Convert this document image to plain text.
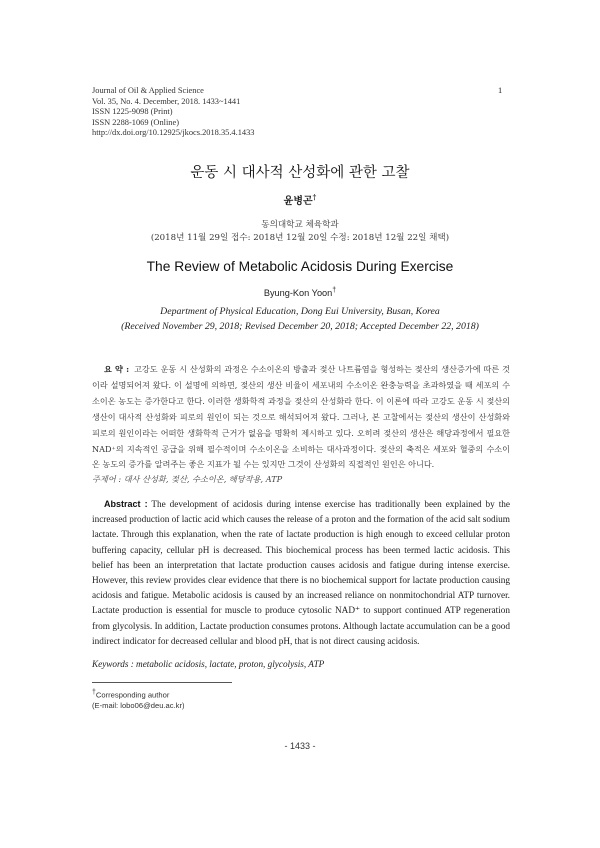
Journal of Oil & Applied Science
Vol. 35, No. 4. December, 2018. 1433~1441
ISSN 1225-9098 (Print)
ISSN 2288-1069 (Online)
http://dx.doi.org/10.12925/jkocs.2018.35.4.1433
1
운동 시 대사적 산성화에 관한 고찰
윤병곤†
동의대학교 체육학과
(2018년 11월 29일 접수: 2018년 12월 20일 수정: 2018년 12월 22일 채택)
The Review of Metabolic Acidosis During Exercise
Byung-Kon Yoon†
Department of Physical Education, Dong Eui University, Busan, Korea
(Received November 29, 2018; Revised December 20, 2018; Accepted December 22, 2018)
요 약 : 고강도 운동 시 산성화의 과정은 수소이온의 방출과 젖산 나트륨염을 형성하는 젖산의 생산증가에 따른 것이라 설명되어져 왔다. 이 설명에 의하면, 젖산의 생산 비율이 세포내의 수소이온 완충능력을 초과하였을 때 세포의 수소이온 농도는 증가한다고 한다. 이러한 생화학적 과정을 젖산의 산성화라 한다. 이 이론에 따라 고강도 운동 시 젖산의 생산이 대사적 산성화와 피로의 원인이 되는 것으로 해석되어져 왔다. 그러나, 본 고찰에서는 젖산의 생산이 산성화와 피로의 원인이라는 어떠한 생화학적 근거가 없음을 명확히 제시하고 있다. 오히려 젖산의 생산은 해당과정에서 필요한 NAD⁺의 지속적인 공급을 위해 필수적이며 수소이온을 소비하는 대사과정이다. 젖산의 축적은 세포와 혈중의 수소이온 농도의 증가를 알려주는 좋은 지표가 될 수는 있지만 그것이 산성화의 직접적인 원인은 아니다.
주제어 : 대사 산성화, 젖산, 수소이온, 해당작용, ATP
Abstract : The development of acidosis during intense exercise has traditionally been explained by the increased production of lactic acid which causes the release of a proton and the formation of the acid salt sodium lactate. Through this explanation, when the rate of lactate production is high enough to exceed cellular proton buffering capacity, cellular pH is decreased. This biochemical process has been termed lactic acidosis. This belief has been an interpretation that lactate production causes acidosis and fatigue during intense exercise. However, this review provides clear evidence that there is no biochemical support for lactate production causing acidosis and fatigue. Metabolic acidosis is caused by an increased reliance on nonmitochondrial ATP turnover. Lactate production is essential for muscle to produce cytosolic NAD⁺ to support continued ATP regeneration from glycolysis. In addition, Lactate production consumes protons. Although lactate accumulation can be a good indirect indicator for decreased cellular and blood pH, that is not direct causing acidosis.
Keywords : metabolic acidosis, lactate, proton, glycolysis, ATP
†Corresponding author
(E-mail: lobo06@deu.ac.kr)
- 1433 -
